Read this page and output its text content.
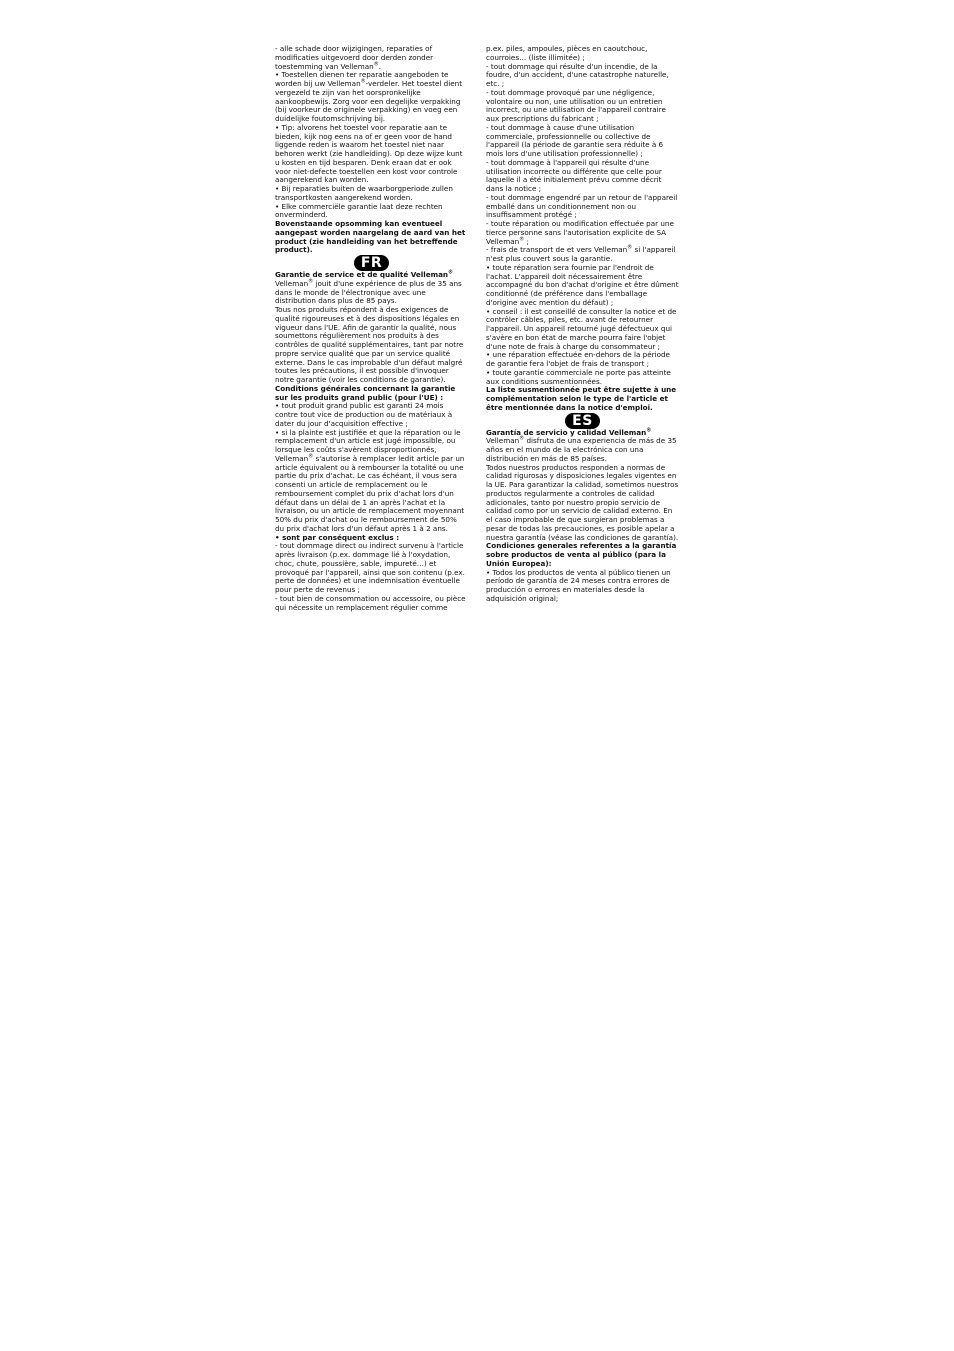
- alle schade door wijzigingen, reparaties of modificaties uitgevoerd door derden zonder toestemming van Velleman®.

• Toestellen dienen ter reparatie aangeboden te worden bij uw Velleman®-verdeler. Het toestel dient vergezeld te zijn van het oorspronkelijke aankoopbewijs. Zorg voor een degelijke verpakking (bij voorkeur de originele verpakking) en voeg een duidelijke foutomschrijving bij.

• Tip: alvorens het toestel voor reparatie aan te bieden, kijk nog eens na of er geen voor de hand liggende reden is waarom het toestel niet naar behoren werkt (zie handleiding). Op deze wijze kunt u kosten en tijd besparen. Denk eraan dat er ook voor niet-defecte toestellen een kost voor controle aangerekend kan worden.

• Bij reparaties buiten de waarborgperiode zullen transportkosten aangerekend worden.

• Elke commerciële garantie laat deze rechten onverminderd.

Bovenstaande opsomming kan eventueel aangepast worden naargelang de aard van het product (zie handleiding van het betreffende product).

FR

Garantie de service et de qualité Velleman®

Velleman® jouit d'une expérience de plus de 35 ans dans le monde de l'électronique avec une distribution dans plus de 85 pays.

Tous nos produits répondent à des exigences de qualité rigoureuses et à des dispositions légales en vigueur dans l'UE. Afin de garantir la qualité, nous soumettons régulièrement nos produits à des contrôles de qualité supplémentaires, tant par notre propre service qualité que par un service qualité externe. Dans le cas improbable d'un défaut malgré toutes les précautions, il est possible d'invoquer notre garantie (voir les conditions de garantie).

Conditions générales concernant la garantie sur les produits grand public (pour l'UE) :

• tout produit grand public est garanti 24 mois contre tout vice de production ou de matériaux à dater du jour d'acquisition effective ;

• si la plainte est justifiée et que la réparation ou le remplacement d'un article est jugé impossible, ou lorsque les coûts s'avèrent disproportionnés, Velleman® s'autorise à remplacer ledit article par un article équivalent ou à rembourser la totalité ou une partie du prix d'achat. Le cas échéant, il vous sera consenti un article de remplacement ou le remboursement complet du prix d'achat lors d'un défaut dans un délai de 1 an après l'achat et la livraison, ou un article de remplacement moyennant 50% du prix d'achat ou le remboursement de 50% du prix d'achat lors d'un défaut après 1 à 2 ans.

• sont par conséquent exclus :

- tout dommage direct ou indirect survenu à l'article après livraison (p.ex. dommage lié à l'oxydation, choc, chute, poussière, sable, impureté…) et provoqué par l'appareil, ainsi que son contenu (p.ex. perte de données) et une indemnisation éventuelle pour perte de revenus ;

- tout bien de consommation ou accessoire, ou pièce qui nécessite un remplacement régulier comme

p.ex. piles, ampoules, pièces en caoutchouc, courroies… (liste illimitée) ;

- tout dommage qui résulte d'un incendie, de la foudre, d'un accident, d'une catastrophe naturelle, etc. ;

- tout dommage provoqué par une négligence, volontaire ou non, une utilisation ou un entretien incorrect, ou une utilisation de l'appareil contraire aux prescriptions du fabricant ;

- tout dommage à cause d'une utilisation commerciale, professionnelle ou collective de l'appareil (la période de garantie sera réduite à 6 mois lors d'une utilisation professionnelle) ;

- tout dommage à l'appareil qui résulte d'une utilisation incorrecte ou différente que celle pour laquelle il a été initialement prévu comme décrit dans la notice ;

- tout dommage engendré par un retour de l'appareil emballé dans un conditionnement non ou insuffisamment protégé ;

- toute réparation ou modification effectuée par une tierce personne sans l'autorisation explicite de SA Velleman® ;

- frais de transport de et vers Velleman® si l'appareil n'est plus couvert sous la garantie.

• toute réparation sera fournie par l'endroit de l'achat. L'appareil doit nécessairement être accompagné du bon d'achat d'origine et être dûment conditionné (de préférence dans l'emballage d'origine avec mention du défaut) ;

• conseil : il est conseillé de consulter la notice et de contrôler câbles, piles, etc. avant de retourner l'appareil. Un appareil retourné jugé défectueux qui s'avère en bon état de marche pourra faire l'objet d'une note de frais à charge du consommateur ;

• une réparation effectuée en-dehors de la période de garantie fera l'objet de frais de transport ;

• toute garantie commerciale ne porte pas atteinte aux conditions susmentionnées.

La liste susmentionnée peut être sujette à une complémentation selon le type de l'article et être mentionnée dans la notice d'emploi.

ES

Garantía de servicio y calidad Velleman®

Velleman® disfruta de una experiencia de más de 35 años en el mundo de la electrónica con una distribución en más de 85 países.

Todos nuestros productos responden a normas de calidad rigurosas y disposiciones legales vigentes en la UE. Para garantizar la calidad, sometimos nuestros productos regularmente a controles de calidad adicionales, tanto por nuestro propio servicio de calidad como por un servicio de calidad externo. En el caso improbable de que surgieran problemas a pesar de todas las precauciones, es posible apelar a nuestra garantía (véase las condiciones de garantía).

Condiciones generales referentes a la garantía sobre productos de venta al público (para la Unión Europea):

• Todos los productos de venta al público tienen un período de garantía de 24 meses contra errores de producción o errores en materiales desde la adquisición original;
